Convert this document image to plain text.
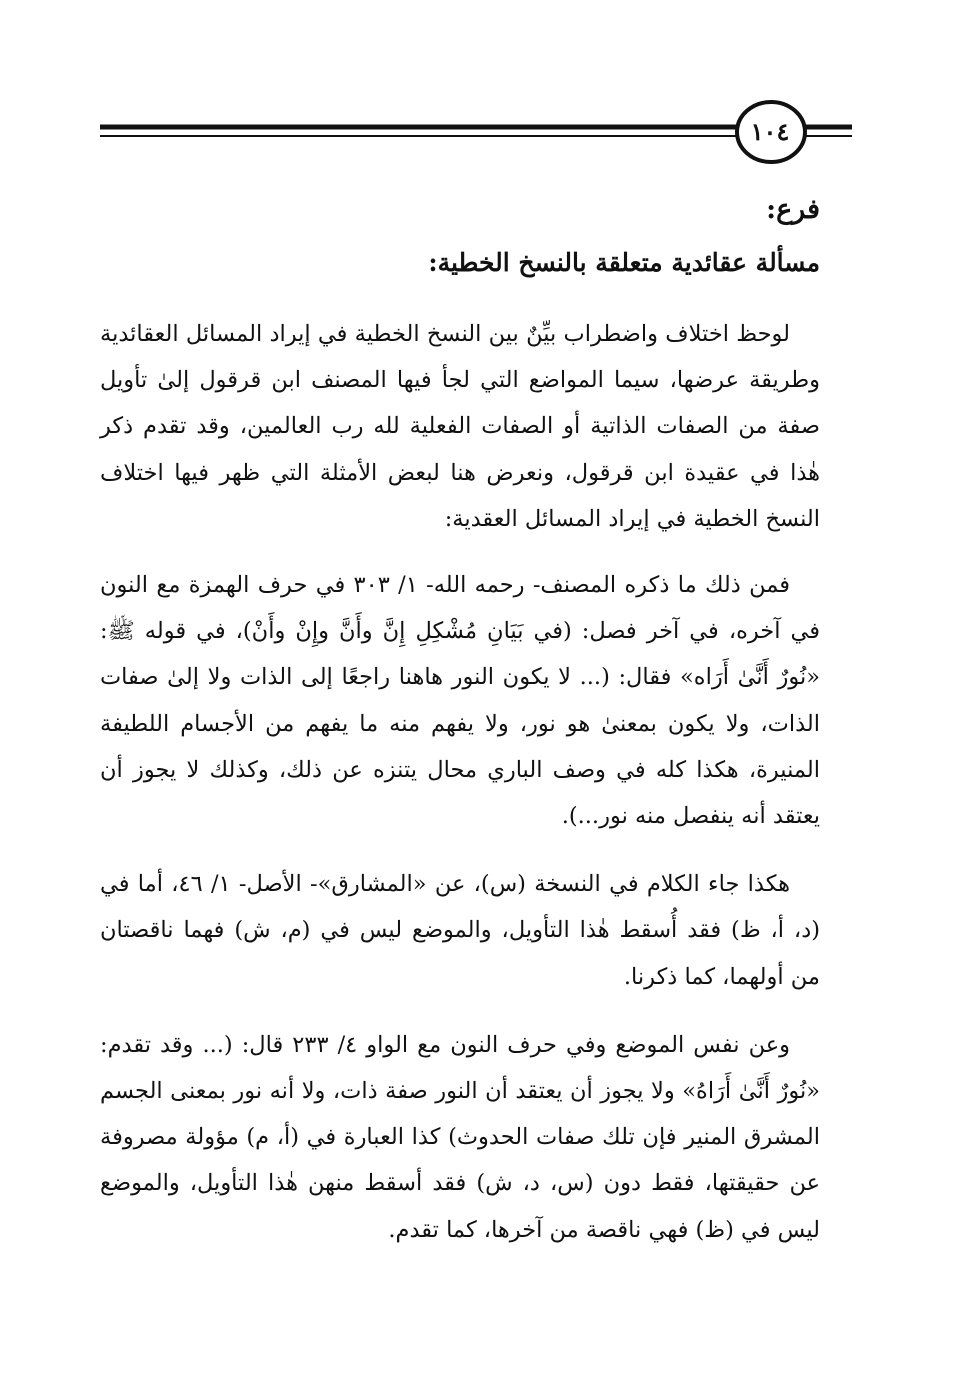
١٠٤
فرع:
مسألة عقائدية متعلقة بالنسخ الخطية:

لوحظ اختلاف واضطراب بيِّنٌ بين النسخ الخطية في إيراد المسائل العقائدية وطريقة عرضها، سيما المواضع التي لجأ فيها المصنف ابن قرقول إلىٰ تأويل صفة من الصفات الذاتية أو الصفات الفعلية لله رب العالمين، وقد تقدم ذكر هٰذا في عقيدة ابن قرقول، ونعرض هنا لبعض الأمثلة التي ظهر فيها اختلاف النسخ الخطية في إيراد المسائل العقدية:

فمن ذلك ما ذكره المصنف- رحمه الله- ١/ ٣٠٣ في حرف الهمزة مع النون في آخره، في آخر فصل: (في بَيَانِ مُشْكِلِ إِنَّ وأَنَّ وإِنْ وأَنْ)، في قوله ﷺ: «نُورٌ أَنَّىٰ أَرَاه» فقال: (... لا يكون النور هاهنا راجعًا إلى الذات ولا إلىٰ صفات الذات، ولا يكون بمعنىٰ هو نور، ولا يفهم منه ما يفهم من الأجسام اللطيفة المنيرة، هكذا كله في وصف الباري محال يتنزه عن ذلك، وكذلك لا يجوز أن يعتقد أنه ينفصل منه نور...).

هكذا جاء الكلام في النسخة (س)، عن «المشارق»- الأصل- ١/ ٤٦، أما في (د، أ، ظ) فقد أُسقط هٰذا التأويل، والموضع ليس في (م، ش) فهما ناقصتان من أولهما، كما ذكرنا.

وعن نفس الموضع وفي حرف النون مع الواو ٤/ ٢٣٣ قال: (... وقد تقدم: «نُورٌ أَنَّىٰ أَرَاهُ» ولا يجوز أن يعتقد أن النور صفة ذات، ولا أنه نور بمعنى الجسم المشرق المنير فإن تلك صفات الحدوث) كذا العبارة في (أ، م) مؤولة مصروفة عن حقيقتها، فقط دون (س، د، ش) فقد أسقط منهن هٰذا التأويل، والموضع ليس في (ظ) فهي ناقصة من آخرها، كما تقدم.
